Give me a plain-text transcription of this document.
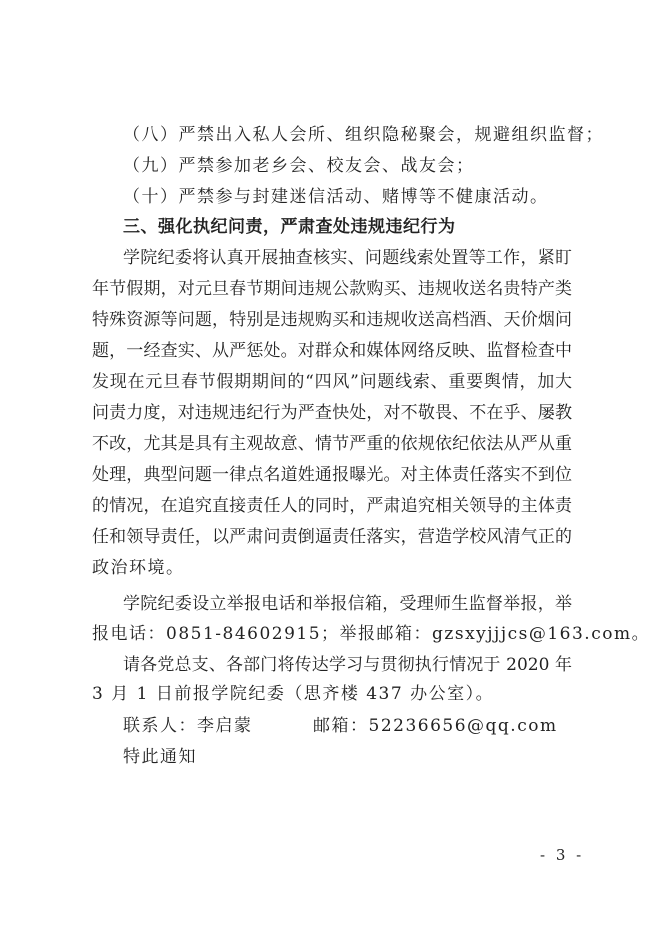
（八）严禁出入私人会所、组织隐秘聚会，规避组织监督；
（九）严禁参加老乡会、校友会、战友会；
（十）严禁参与封建迷信活动、赌博等不健康活动。
三、强化执纪问责，严肃查处违规违纪行为
学院纪委将认真开展抽查核实、问题线索处置等工作，紧盯
年节假期，对元旦春节期间违规公款购买、违规收送名贵特产类
特殊资源等问题，特别是违规购买和违规收送高档酒、天价烟问
题，一经查实、从严惩处。对群众和媒体网络反映、监督检查中
发现在元旦春节假期期间的“四风”问题线索、重要舆情，加大
问责力度，对违规违纪行为严查快处，对不敬畏、不在乎、屡教
不改，尤其是具有主观故意、情节严重的依规依纪依法从严从重
处理，典型问题一律点名道姓通报曝光。对主体责任落实不到位
的情况，在追究直接责任人的同时，严肃追究相关领导的主体责
任和领导责任，以严肃问责倒逼责任落实，营造学校风清气正的
政治环境。
学院纪委设立举报电话和举报信箱，受理师生监督举报，举
报电话：0851-84602915；举报邮箱：gzsxyjjjcs@163.com。
请各党总支、各部门将传达学习与贯彻执行情况于 2020 年
3 月 1 日前报学院纪委（思齐楼 437 办公室）。
联系人：李启蒙	邮箱：52236656@qq.com
特此通知
- 3 -
